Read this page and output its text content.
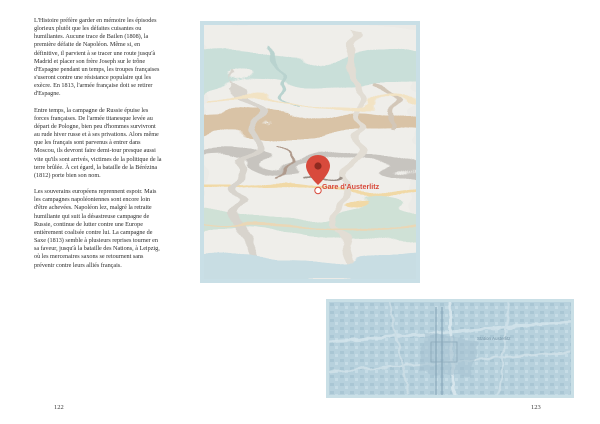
L'Histoire préfère garder en mémoire les épisodes glorieux plutôt que les défaites cuisantes ou humiliantes. Aucune trace de Bailen (1808), la première défaite de Napoléon. Même si, en définitive, il parvient à se tracer une route jusqu'à Madrid et placer son frère Joseph sur le trône d'Espagne pendant un temps, les troupes françaises s'useront contre une résistance populaire qui les exècre. En 1813, l'armée française doit se retirer d'Espagne.

Entre temps, la campagne de Russie épuise les forces françaises. De l'armée titanesque levée au départ de Pologne, bien peu d'hommes survivront au rude hiver russe et à ses privations. Alors même que les français sont parvenus à entrer dans Moscou, ils devront faire demi-tour presque aussi vite qu'ils sont arrivés, victimes de la politique de la terre brûlée. À cet égard, la bataille de la Bérézina (1812) porte bien son nom.

Les souverains européens reprennent espoir. Mais les campagnes napoléoniennes sont encore loin d'être achevées. Napoléon lez, malgré la retraite humiliante qui suit la désastreuse campagne de Russie, continue de lutter contre une Europe entièrement coalisée contre lui. La campagne de Saxe (1813) semble à plusieurs reprises tourner en sa faveur, jusqu'à la bataille des Nations, à Leipzig, où les mercenaires saxons se retournent sans prévenir contre leurs alliés français.

122
Gare d'Austerlitz
Station Austerlitz
123
